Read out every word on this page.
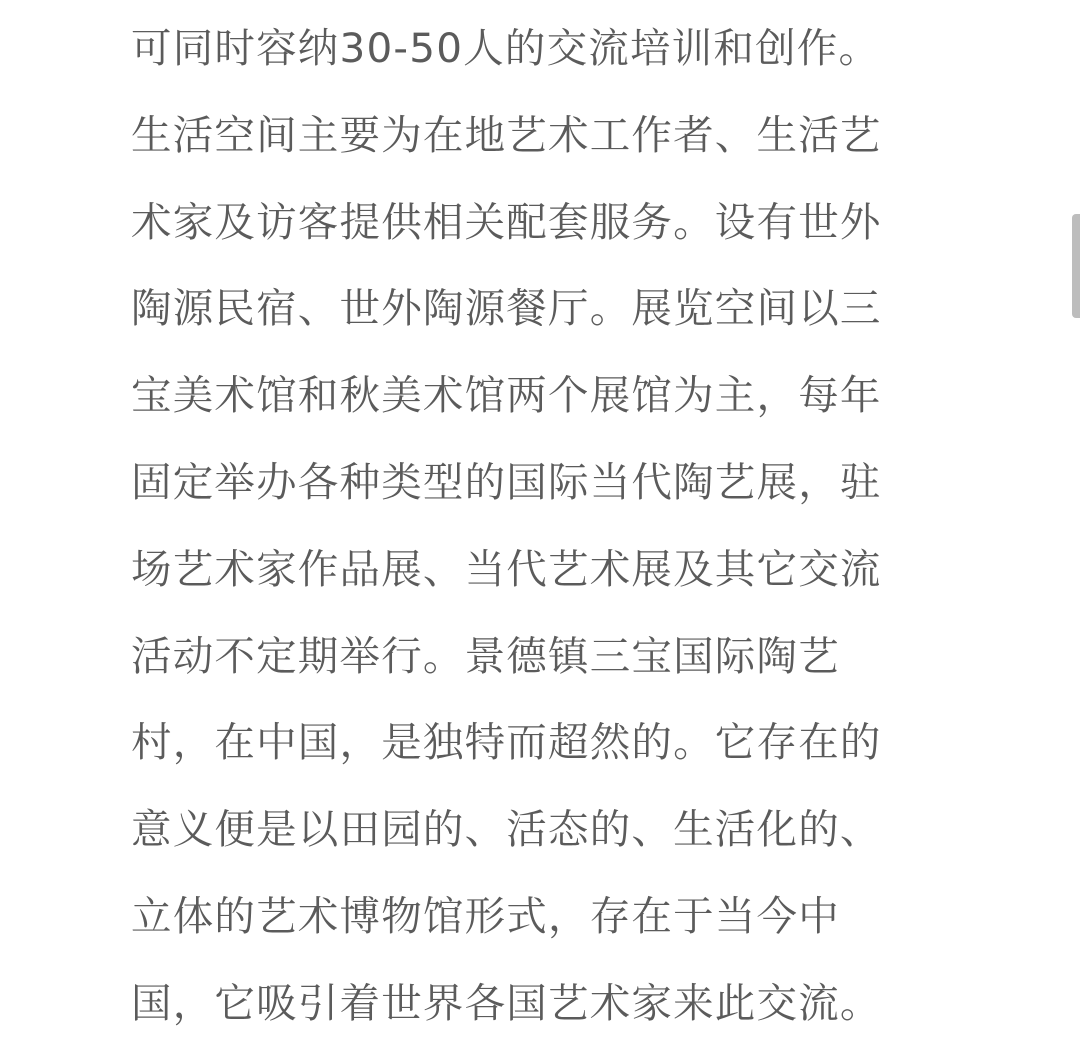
可同时容纳30-50人的交流培训和创作。
生活空间主要为在地艺术工作者、生活艺
术家及访客提供相关配套服务。设有世外
陶源民宿、世外陶源餐厅。展览空间以三
宝美术馆和秋美术馆两个展馆为主，每年
固定举办各种类型的国际当代陶艺展，驻
场艺术家作品展、当代艺术展及其它交流
活动不定期举行。景德镇三宝国际陶艺
村，在中国，是独特而超然的。它存在的
意义便是以田园的、活态的、生活化的、
立体的艺术博物馆形式，存在于当今中
国，它吸引着世界各国艺术家来此交流。
